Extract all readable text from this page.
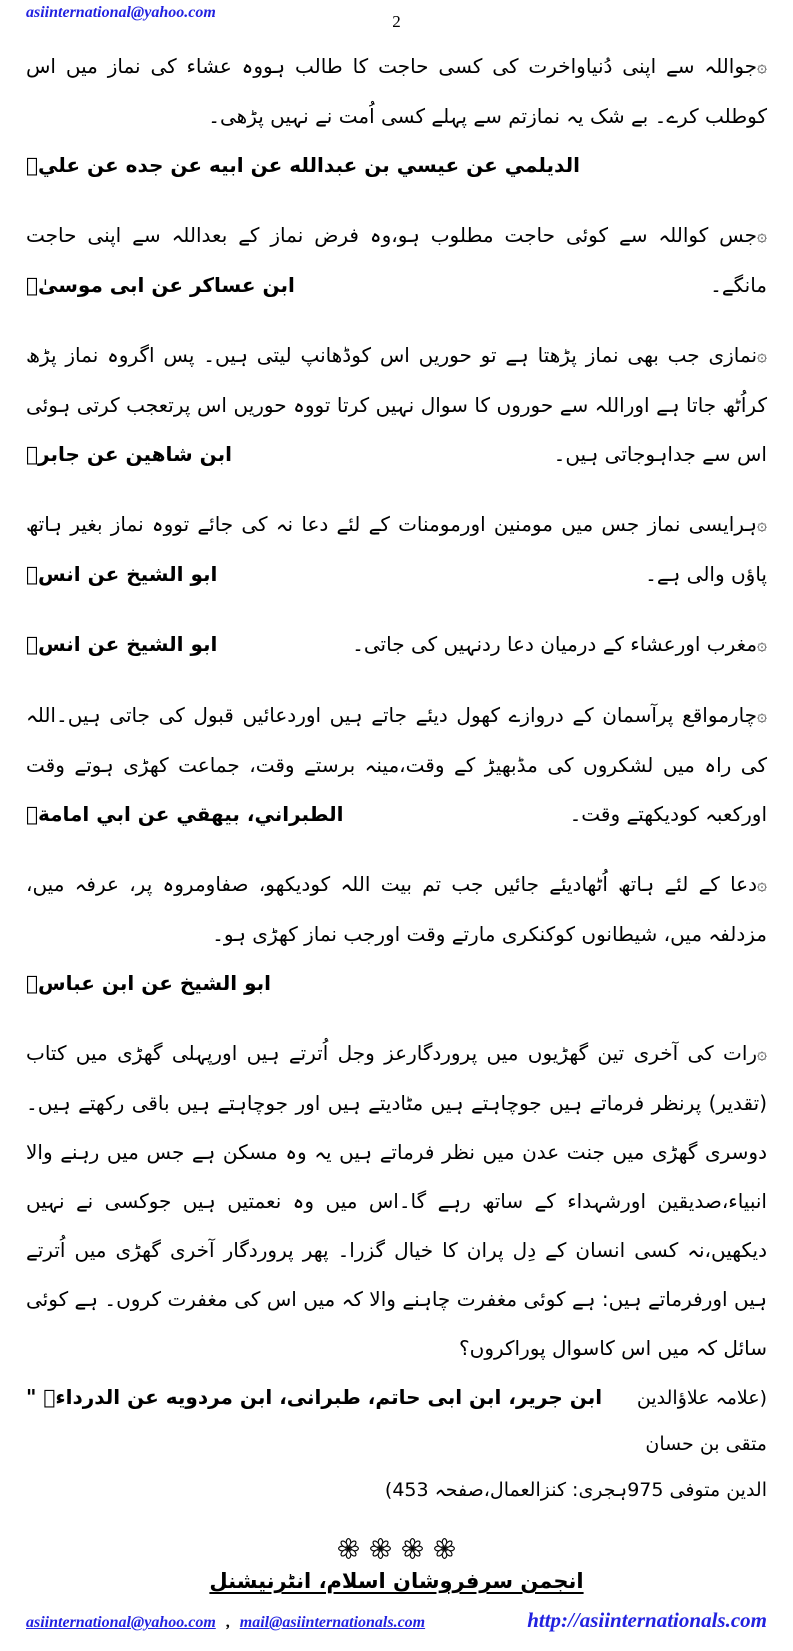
asiinternational@yahoo.com	2
۞جواللہ سے اپنی دُنیاواخرت کی کسی حاجت کا طالب ہووہ عشاء کی نماز میں اس کوطلب کرے۔ بے شک یہ نمازتم سے پہلے کسی اُمت نے نہیں پڑھی۔
الديلمي عن عيسي بن عبدالله عن ابيه عن جده عن عليؓ
۞جس کواللہ سے کوئی حاجت مطلوب ہو،وہ فرض نماز کے بعداللہ سے اپنی حاجت مانگے۔
ابن عساكر عن ابی موسیٰؓ
۞نمازی جب بھی نماز پڑھتا ہے تو حوریں اس کوڈھانپ لیتی ہیں۔ پس اگروہ نماز پڑھ کراُٹھ جاتا ہے اوراللہ سے حوروں کا سوال نہیں کرتا تووہ حوریں اس پرتعجب کرتی ہوئی اس سے جداہوجاتی ہیں۔
ابن شاهين عن جابرؓ
۞ہرایسی نماز جس میں مومنین اورمومنات کے لئے دعا نہ کی جائے تووہ نماز بغیر ہاتھ پاؤں والی ہے۔
ابو الشيخ عن انسؓ
۞مغرب اورعشاء کے درمیان دعا ردنہیں کی جاتی۔
ابو الشيخ عن انسؓ
۞چارمواقع پرآسمان کے دروازے کھول دیئے جاتے ہیں اوردعائیں قبول کی جاتی ہیں۔اللہ کی راہ میں لشکروں کی مڈبھیڑ کے وقت،مینہ برستے وقت، جماعت کھڑی ہوتے وقت اورکعبہ کودیکھتے وقت۔
الطبراني، بيهقي عن ابي امامةؓ
۞دعا کے لئے ہاتھ اُٹھادیئے جائیں جب تم بیت اللہ کودیکھو، صفاومروہ پر، عرفہ میں، مزدلفہ میں، شیطانوں کوکنکری مارتے وقت اورجب نماز کھڑی ہو۔
ابو الشيخ عن ابن عباسؓ
۞رات کی آخری تین گھڑیوں میں پروردگارعز وجل اُترتے ہیں اورپہلی گھڑی میں کتاب (تقدیر) پرنظر فرماتے ہیں جوچاہتے ہیں مٹادیتے ہیں اور جوچاہتے ہیں باقی رکھتے ہیں۔ دوسری گھڑی میں جنت عدن میں نظر فرماتے ہیں یہ وہ مسکن ہے جس میں رہنے والا انبیاء،صدیقین اورشہداء کے ساتھ رہے گا۔اس میں وہ نعمتیں ہیں جوکسی نے نہیں دیکھیں،نہ کسی انسان کے دِل پران کا خیال گزرا۔ پھر پروردگار آخری گھڑی میں اُترتے ہیں اورفرماتے ہیں: ہے کوئی مغفرت چاہنے والا کہ میں اس کی مغفرت کروں۔ ہے کوئی سائل کہ میں اس کاسوال پوراکروں؟
ابن جرير، ابن ابی حاتم، طبرانی، ابن مردویه عن الدرداءؓ "	(علامہ علاؤالدین متقی بن حسان الدین متوفی 975ہجری: کنزالعمال،صفحہ 453)

انجمن سرفروشان اسلام، انٹرنیشنل
asiinternational@yahoo.com , mail@asiinternationals.com	http://asiinternationals.com
